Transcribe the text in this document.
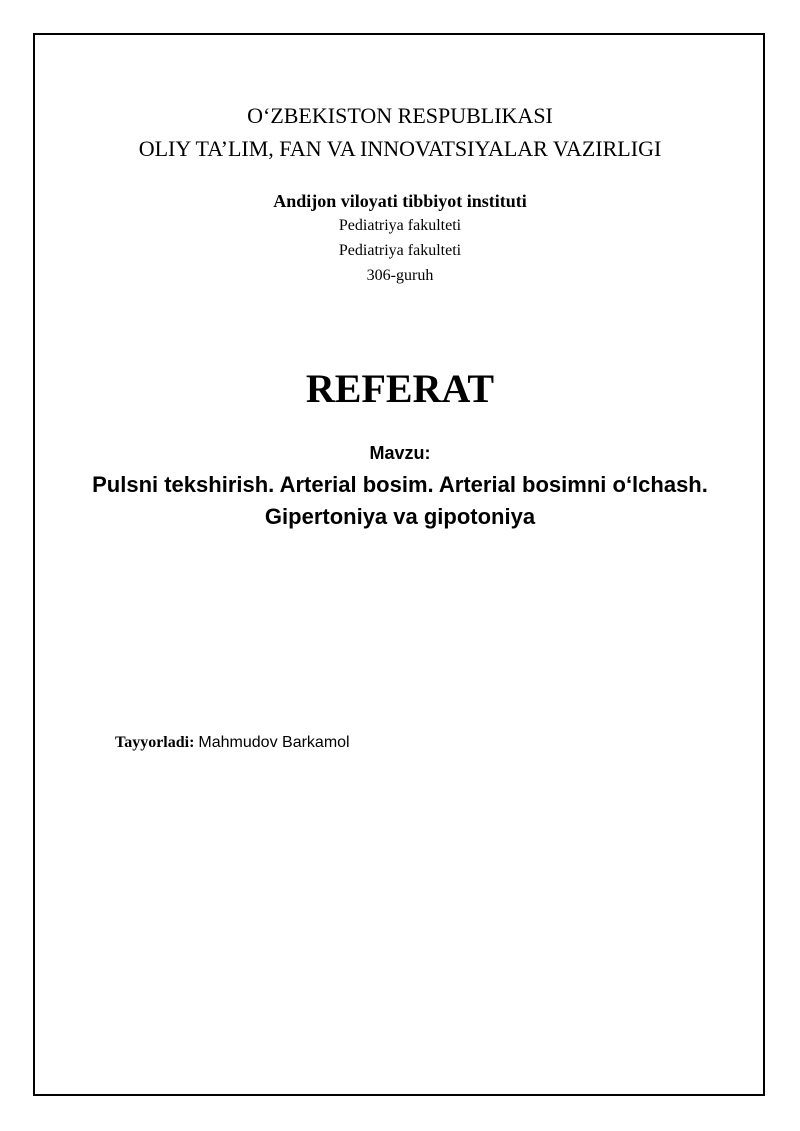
O‘ZBEKISTON RESPUBLIKASI
OLIY TA’LIM, FAN VA INNOVATSIYALAR VAZIRLIGI
Andijon viloyati tibbiyot instituti
Pediatriya fakulteti
Pediatriya fakulteti
306-guruh
REFERAT
Mavzu:
Pulsni tekshirish. Arterial bosim. Arterial bosimni o‘lchash.
Gipertoniya va gipotoniya
Tayyorladi: Mahmudov Barkamol
